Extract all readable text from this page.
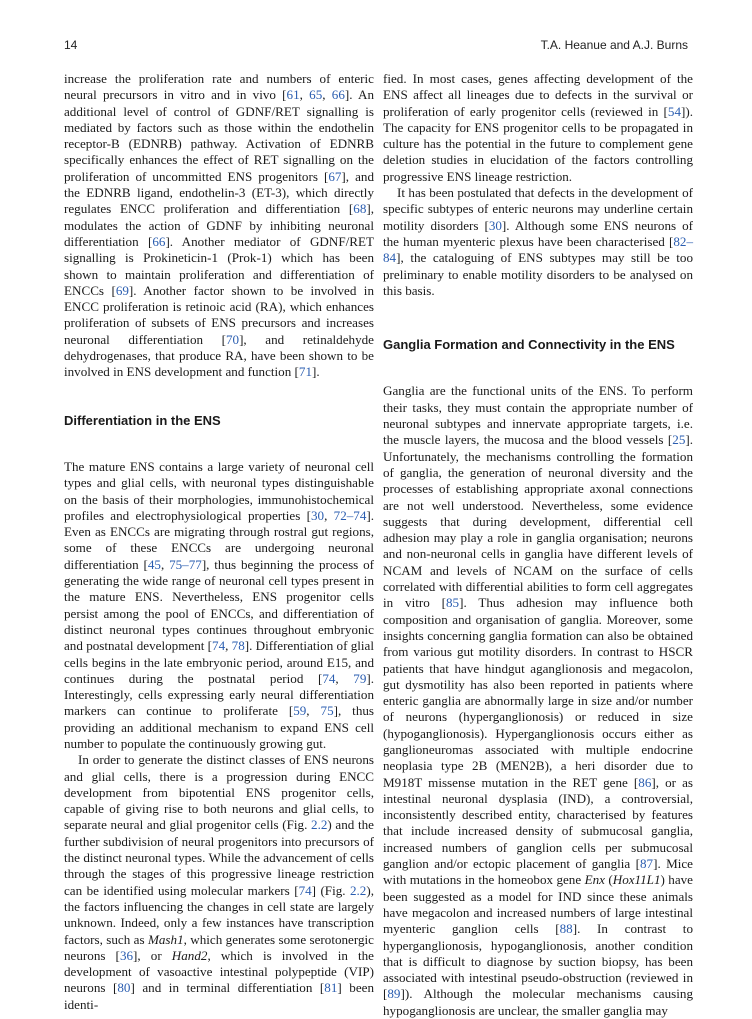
14	T.A. Heanue and A.J. Burns

increase the proliferation rate and numbers of enteric neural precursors in vitro and in vivo [61, 65, 66]. An additional level of control of GDNF/RET signalling is mediated by factors such as those within the endothelin receptor-B (EDNRB) pathway. Activation of EDNRB specifically enhances the effect of RET signalling on the proliferation of uncommitted ENS progenitors [67], and the EDNRB ligand, endothelin-3 (ET-3), which directly regulates ENCC proliferation and differentiation [68], modulates the action of GDNF by inhibiting neuronal differentiation [66]. Another mediator of GDNF/RET signalling is Prokineticin-1 (Prok-1) which has been shown to maintain proliferation and differentiation of ENCCs [69]. Another factor shown to be involved in ENCC proliferation is retinoic acid (RA), which enhances proliferation of subsets of ENS precursors and increases neuronal differentiation [70], and retinaldehyde dehydrogenases, that produce RA, have been shown to be involved in ENS development and function [71].

Differentiation in the ENS

The mature ENS contains a large variety of neuronal cell types and glial cells, with neuronal types distinguishable on the basis of their morphologies, immunohistochemical profiles and electrophysiological properties [30, 72–74]. Even as ENCCs are migrating through rostral gut regions, some of these ENCCs are undergoing neuronal differentiation [45, 75–77], thus beginning the process of generating the wide range of neuronal cell types present in the mature ENS. Nevertheless, ENS progenitor cells persist among the pool of ENCCs, and differentiation of distinct neuronal types continues throughout embryonic and postnatal development [74, 78]. Differentiation of glial cells begins in the late embryonic period, around E15, and continues during the postnatal period [74, 79]. Interestingly, cells expressing early neural differentiation markers can continue to proliferate [59, 75], thus providing an additional mechanism to expand ENS cell number to populate the continuously growing gut.

In order to generate the distinct classes of ENS neurons and glial cells, there is a progression during ENCC development from bipotential ENS progenitor cells, capable of giving rise to both neurons and glial cells, to separate neural and glial progenitor cells (Fig. 2.2) and the further subdivision of neural progenitors into precursors of the distinct neuronal types. While the advancement of cells through the stages of this progressive lineage restriction can be identified using molecular markers [74] (Fig. 2.2), the factors influencing the changes in cell state are largely unknown. Indeed, only a few instances have transcription factors, such as Mash1, which generates some serotonergic neurons [36], or Hand2, which is involved in the development of vasoactive intestinal polypeptide (VIP) neurons [80] and in terminal differentiation [81] been identi-

fied. In most cases, genes affecting development of the ENS affect all lineages due to defects in the survival or proliferation of early progenitor cells (reviewed in [54]). The capacity for ENS progenitor cells to be propagated in culture has the potential in the future to complement gene deletion studies in elucidation of the factors controlling progressive ENS lineage restriction.

It has been postulated that defects in the development of specific subtypes of enteric neurons may underline certain motility disorders [30]. Although some ENS neurons of the human myenteric plexus have been characterised [82–84], the cataloguing of ENS subtypes may still be too preliminary to enable motility disorders to be analysed on this basis.

Ganglia Formation and Connectivity in the ENS

Ganglia are the functional units of the ENS. To perform their tasks, they must contain the appropriate number of neuronal subtypes and innervate appropriate targets, i.e. the muscle layers, the mucosa and the blood vessels [25]. Unfortunately, the mechanisms controlling the formation of ganglia, the generation of neuronal diversity and the processes of establishing appropriate axonal connections are not well understood. Nevertheless, some evidence suggests that during development, differential cell adhesion may play a role in ganglia organisation; neurons and non-neuronal cells in ganglia have different levels of NCAM and levels of NCAM on the surface of cells correlated with differential abilities to form cell aggregates in vitro [85]. Thus adhesion may influence both composition and organisation of ganglia. Moreover, some insights concerning ganglia formation can also be obtained from various gut motility disorders. In contrast to HSCR patients that have hindgut aganglionosis and megacolon, gut dysmotility has also been reported in patients where enteric ganglia are abnormally large in size and/or number of neurons (hyperganglionosis) or reduced in size (hypoganglionosis). Hyperganglionosis occurs either as ganglioneuromas associated with multiple endocrine neoplasia type 2B (MEN2B), a heri disorder due to M918T missense mutation in the RET gene [86], or as intestinal neuronal dysplasia (IND), a controversial, inconsistently described entity, characterised by features that include increased density of submucosal ganglia, increased numbers of ganglion cells per submucosal ganglion and/or ectopic placement of ganglia [87]. Mice with mutations in the homeobox gene Enx (Hox11L1) have been suggested as a model for IND since these animals have megacolon and increased numbers of large intestinal myenteric ganglion cells [88]. In contrast to hyperganglionosis, hypoganglionosis, another condition that is difficult to diagnose by suction biopsy, has been associated with intestinal pseudo-obstruction (reviewed in [89]). Although the molecular mechanisms causing hypoganglionosis are unclear, the smaller ganglia may
